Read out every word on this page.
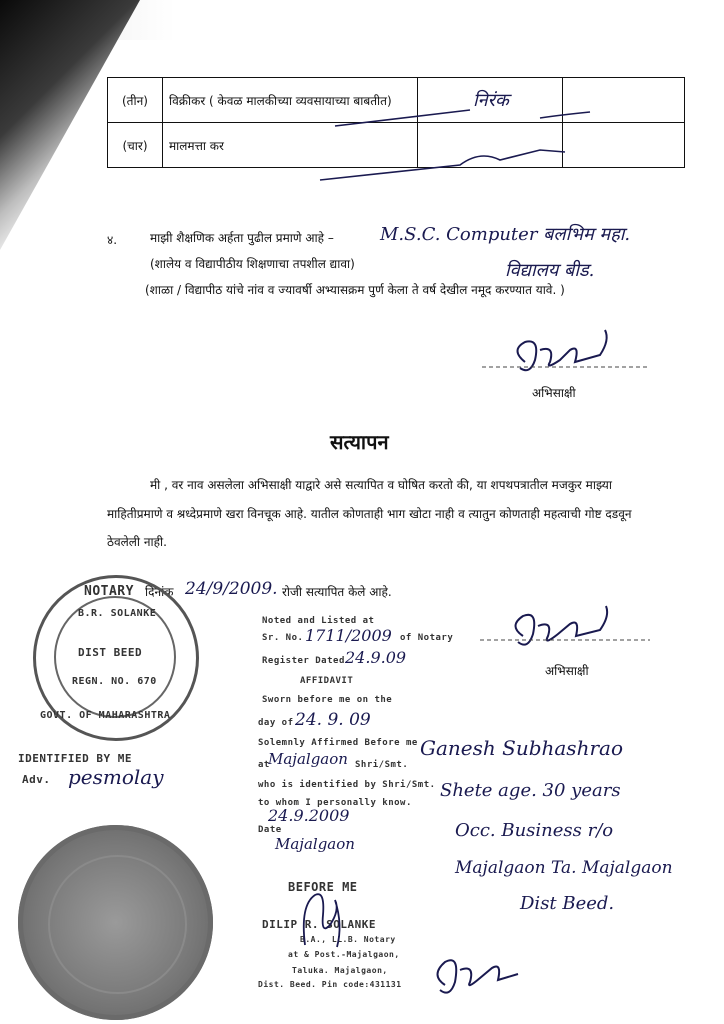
(तीन)	विक्रीकर ( केवळ मालकीच्या व्यवसायाच्या बाबतीत)	निरंक	

(चार)	मालमत्ता कर		
४.	माझी शैक्षणिक अर्हता पुढील प्रमाणे आहे –
(शालेय व विद्यापीठीय शिक्षणाचा तपशील द्यावा)
(शाळा / विद्यापीठ यांचे नांव व ज्यावर्षी अभ्यासक्रम पुर्ण केला ते वर्ष देखील नमूद करण्यात यावे. )
M.S.C. Computer बलभिम महा.
विद्यालय बीड.
अभिसाक्षी
सत्यापन
मी , वर नाव असलेला अभिसाक्षी याद्वारे असे सत्यापित व घोषित करतो की, या शपथपत्रातील मजकुर माझ्या
माहितीप्रमाणे व श्रध्देप्रमाणे खरा विनचूक आहे. यातील कोणताही भाग खोटा नाही व त्यातुन कोणताही महत्वाची गोष्ट दडवून
ठेवलेली नाही.
दिनांक 24/9/2009. रोजी सत्यापित केले आहे.
NOTARY
B.R. SOLANKE
DIST BEED
REGN. NO. 670
GOVT. OF MAHARASHTRA
Noted and Listed at
Sr. No. 1711/2009 of Notary
Register Dated 24.9.09
AFFIDAVIT
Sworn before me on the
day of 24. 9. 09
Solemnly Affirmed Before me
at
Majalgaon Shri/Smt.
who is identified by Shri/Smt.
to whom I personally know.
24.9.2009
Date
Majalgaon
BEFORE ME
DILIP R. SOLANKE
B.A., LL.B. Notary
at & Post.-Majalgaon,
Taluka. Majalgaon,
Dist. Beed. Pin code:431131
अभिसाक्षी
IDENTIFIED BY ME
Adv. pesmolay
Ganesh Subhashrao
Shete age. 30 years
Occ. Business r/o
Majalgaon Ta. Majalgaon
Dist Beed.
